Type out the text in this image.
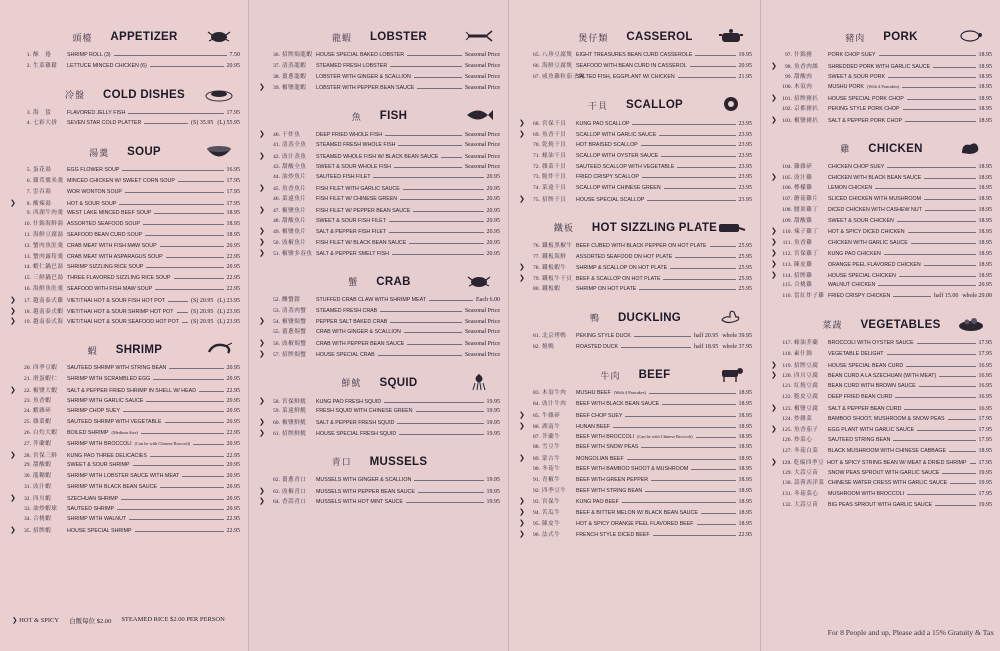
頭檯 APPETIZER
1. 酥　捲	SHRIMP ROLL (3)	7.50
2. 生菜雞鬆	LETTUCE MINCED CHICKEN (6)	20.95
冷盤 COLD DISHES
3. 海　蜇	FLAVORED JELLY FISH	17.95
4. 七彩大拼	SEVEN STAR COLD PLATTER	(S) 35.95 (L) 55.95
湯羹 SOUP
5. 蛋花湯	EGG FLOWER SOUP	16.95
6. 雞茸粟米羹 MINCED CHICKEN W/ SWEET CORN SOUP	17.95
7. 雲吞湯	WOR WONTON SOUP	17.95
❯	8. 酸辣湯	HOT & SOUR SOUP	17.95
9. 西湖牛肉羹 WEST LAKE MINCED BEEF SOUP	18.95
10. 什錦海鮮湯 ASSORTED SEAFOOD SOUP	18.95
11. 海鮮豆腐湯 SEAFOOD BEAN CURD SOUP	18.95
12. 蟹肉魚肚羹 CRAB MEAT WITH FISH MAW SOUP	20.95
13. 蟹肉露筍羹 CRAB MEAT WITH ASPARAGUS SOUP	22.95
14. 蝦仁鍋巴湯 SHRIMP SIZZLING RICE SOUP	20.95
15. 三鮮鍋巴湯 THREE FLAVORED SIZZLING RICE SOUP	22.95
16. 海鮮魚肚羹 SEAFOOD WITH FISH MAW SOUP	22.95
❯	17. 越南泰式雞 VIET/THAI HOT & SOUR FISH HOT POT	(S) 20.95 (L) 23.95
❯	18. 越南泰式蝦 VIET/THAI HOT & SOUR SHRIMP HOT POT	(S) 20.95 (L) 23.95
❯	19. 越南泰式海 VIET/THAI HOT & SOUR SEAFOOD HOT POT (S) 20.95 (L) 23.95
蝦 SHRIMP
20. 四季豆蝦	SAUTEED SHRIMP WITH STRING BEAN	20.95
21. 滑蛋蝦仁	SHRIMP WITH SCRAMBLED EGG	20.95
❯	22. 椒鹽大蝦	SALT & PEPPER FRIED SHRIMP IN SHELL W/ HEAD	22.95
23. 魚香蝦	SHRIMP WITH GARLIC SAUCE	20.95
24. 蝦雜碎	SHRIMP CHOP SUEY	20.95
25. 雜菜蝦	SAUTEED SHRIMP WITH VEGETABLE	20.95
26. 白灼大蝦	BOILED SHRIMP (Medium Size)	22.95
27. 芥蘭蝦	SHRIMP WITH BROCCOLI (Can be with Chinese Broccoli)	20.95
❯	28. 宮保三鮮	KUNG PAO THREE DELICACIES	22.95
29. 甜酸蝦	SWEET & SOUR SHRIMP	20.95
30. 龍糊蝦	SHRIMP WITH LOBSTER SAUCE WITH MEAT	20.95
31. 豉汁蝦	SHRIMP WITH BLACK BEAN SAUCE	20.95
❯	32. 四川蝦	SZECHUAN SHRIMP	20.95
33. 油炒蝦球	SAUTEED SHRIMP	20.95
34. 合桃蝦	SHRIMP WITH WALNUT	22.95
❯	35. 招牌蝦	HOUSE SPECIAL SHRIMP	22.95
龍蝦 LOBSTER
36. 招牌焗龍蝦 HOUSE SPECIAL BAKED LOBSTER	Seasonal Price
37. 清蒸龍蝦	STEAMED FRESH LOBSTER	Seasonal Price
38. 薑蔥龍蝦	LOBSTER WITH GINGER & SCALLION	Seasonal Price
❯	39. 椒鹽龍蝦	LOBSTER WITH PEPPER BEAN SAUCE	Seasonal Price
魚 FISH
❯	40. 干炸魚	DEEP FRIED WHOLE FISH	Seasonal Price
41. 清蒸全魚	STEAMED FRESH WHOLE FISH	Seasonal Price
❯	42. 豉汁蒸魚	STEAMED WHOLE FISH W/ BLACK BEAN SAUCE	Seasonal Price
43. 甜酸全魚	SWEET & SOUR WHOLE FISH	Seasonal Price
44. 油炒魚片	SAUTEED FISH FILET	20.95
❯	45. 魚香魚片	FISH FILET WITH GARLIC SAUCE	20.95
46. 菜遠魚片	FISH FILET W/ CHINESE GREEN	20.95
❯	47. 椒鹽魚片	FISH FILET W/ PEPPER BEAN SAUCE	20.95
48. 甜酸魚片	SWEET & SOUR FISH FILET	20.95
❯	49. 椒鹽魚片	SALT & PEPPER FISH FILET	20.95
❯	50. 豉椒魚片	FISH FILET W/ BLACK BEAN SAUCE	20.95
❯	51. 椒鹽多春魚 SALT & PEPPER SMELT FISH	20.95
蟹 CRAB
52. 釀蟹鉗	STUFFED CRAB CLAW WITH SHRIMP MEAT	Each 6.00
53. 清蒸肉蟹	STEAMED FRESH CRAB	Seasonal Price
❯	54. 椒鹽焗蟹	PEPPER SALT BAKED CRAB	Seasonal Price
55. 薑蔥焗蟹	CRAB WITH GINGER & SCALLION	Seasonal Price
❯	56. 豉椒焗蟹	CRAB WITH PEPPER BEAN SAUCE	Seasonal Price
❯	57. 招牌焗蟹	HOUSE SPECIAL CRAB	Seasonal Price
鮮魷 SQUID
❯	58. 宮保鮮魷	KUNG PAO FRESH SQUID	19.95
59. 菜遠鮮魷	FRESH SQUID WITH CHINESE GREEN	19.95
❯	60. 椒鹽鮮魷	SALT & PEPPER FRESH SQUID	19.95
❯	61. 招牌鮮魷	HOUSE SPECIAL FRESH SQUID	19.95
青口 MUSSELS
62. 薑蔥青口	MUSSELS WITH GINGER & SCALLION	19.95
❯	63. 豉椒青口	MUSSELS WITH PEPPER BEAN SAUCE	19.95
❯	64. 香蒜青口	MUSSELS WITH HOT MINT SAUCE	19.95
煲仔類 CASSEROL
65. 八珍豆腐煲 EIGHT TREASURES BEAN CURD CASSEROLE	19.95
66. 海鮮豆腐煲 SEAFOOD WITH BEAN CURD IN CASSEROL	20.95
67. 咸魚雞粒茄子煲
SALTED FISH, EGGPLANT W/ CHICKEN	21.95
干貝 SCALLOP
❯	68. 宮保干貝	KUNG PAO SCALLOP	23.95
❯	69. 魚香干貝	SCALLOP WITH GARLIC SAUCE	23.95
70. 乾燒干貝	HOT BRAISED SCALLOP	23.95
71. 蠔油干貝	SCALLOP WITH OYSTER SAUCE	23.95
72. 雜菜干貝	SAUTEED SCALLOP WITH VEGETABLE	23.95
73. 脆炸干貝	FRIED CRISPY SCALLOP	23.95
74. 菜遠干貝	SCALLOP WITH CHINESE GREEN	23.95
❯	75. 招牌干貝	HOUSE SPECIAL SCALLOP	23.95
鐵板 HOT SIZZLING PLATE
76. 鐵板黑椒牛 BEEF CUBED WITH BLACK PEPPER ON HOT PLATE	25.95
77. 鐵板海鮮	ASSORTED SEAFOOD ON HOT PLATE	25.95
❯	78. 鐵板蝦牛	SHRIMP & SCALLOP ON HOT PLATE	25.95
❯	79. 鐵板牛干貝 BEEF & SCALLOP ON HOT PLATE	25.95
80. 鐵板蝦	SHRIMP ON HOT PLATE	25.95
鴨 DUCKLING
81. 北京烤鴨	PEKING STYLE DUCK	half 20.95 whole 39.95
82. 燒鴨	ROASTED DUCK	half 18.95 whole 37.95
牛肉 BEEF
83. 木須牛肉	MUSHU BEEF (With 4 Pancakes)	18.95
84. 豉汁牛肉	BEEF WITH BLACK BEAN SAUCE	18.95
❯	85. 牛雜碎	BEEF CHOP SUEY	18.95
❯	86. 湖南牛	HUNAN BEEF	18.95
87. 芥蘭牛	BEEF WITH BROCCOLI (Can be with Chinese Broccoli)	18.95
88. 雪豆牛	BEEF WITH SNOW PEAS	18.95
❯	89. 蒙古牛	MONGOLIAN BEEF	18.95
90. 冬菇牛	BEEF WITH BAMBOO SHOOT & MUSHROOM	18.95
91. 青椒牛	BEEF WITH GREEN PEPPER	18.95
92. 四季豆牛	BEEF WITH STRING BEAN	18.95
❯	93. 宮保牛	KUNG PAO BEEF	18.95
❯	94. 苦瓜牛	BEEF & BITTER MELON W/ BLACK BEAN SAUCE	18.95
❯	95. 陳皮牛	HOT & SPICY ORANGE PEEL FLAVORED BEEF	18.95
❯	96. 法式牛	FRENCH STYLE DICED BEEF	22.95
豬肉 PORK
97. 什錦豬	PORK CHOP SUEY	18.95
❯	98. 魚香肉絲	SHREDDED PORK WITH GARLIC SAUCE	18.95
99. 甜酸肉	SWEET & SOUR PORK	18.95
100. 木須肉	MUSHU PORK (With 4 Pancakes)	18.95
❯ 101. 招牌豬扒	HOUSE SPECIAL PORK CHOP	18.95
102. 京都豬扒	PEKING STYLE PORK CHOP	18.95
❯ 103. 椒鹽豬扒	SALT & PEPPER PORK CHOP	18.95
雞 CHICKEN
104. 雞雜碎	CHICKEN CHOP SUEY	18.95
❯ 105. 豉汁雞	CHICKEN WITH BLACK BEAN SAUCE	18.95
106. 檸檬雞	LEMON CHICKEN	18.95
107. 蘑菇雞片	SLICED CHICKEN WITH MUSHROOM	18.95
108. 腰果雞丁	DICED CHICKEN WITH CASHEW NUT	18.95
109. 甜酸雞	SWEET & SOUR CHICKEN	18.95
❯ 110. 辣子雞丁	HOT & SPICY DICED CHICKEN	18.95
❯	111. 魚香雞	CHICKEN WITH GARLIC SAUCE	18.95
❯ 112. 宮保雞丁	KUNG PAO CHICKEN	18.95
❯ 113. 陳皮雞	ORANGE PEEL FLAVORED CHICKEN	18.95
❯ 114. 招牌雞	HOUSE SPECIAL CHICKEN	18.95
115. 合桃雞	WALNUT CHICKEN	20.95
116. 當紅炸子雞 FRIED CRISPY CHICKEN	half 15.00 whole 29.00
菜蔬 VEGETABLES
117. 蠔油芥蘭	BROCCOLI WITH OYSTER SAUCE	17.95
118. 素什錦	VEGETABLE DELIGHT	17.95
❯ 119. 招牌豆腐	HOUSE SPECIAL BEAN CURD	16.95
❯ 120. 四川豆腐	BEAN CURD A LA SZECHUAN (WITH MEAT)	16.95
121. 紅燒豆腐	BEAN CURD WITH BROWN SAUCE	16.95
122. 脆皮豆腐	DEEP FRIED BEAN CURD	16.95
❯ 123. 椒鹽豆腐	SALT & PEPPER BEAN CURD	16.95
124. 炒雜菜	BAMBOO SHOOT, MUSHROOM & SNOW PEAS	17.95
❯ 125. 魚香茄子	EGG PLANT WITH GARLIC SAUCE	17.95
126. 炒菜心	SAUTEED STRING BEAN	17.95
127. 冬菇白菜	BLACK MUSHROOM WITH CHINESE CABBAGE	18.95
❯ 128. 乾煸四季豆 HOT & SPICY STRING BEAN W/ MEAT & DRIED SHRIMP 17.95
129. 大蒜豆苗	SNOW PEAS SPROUT WITH GARLIC SAUCE	19.95
130. 蒜蓉西洋菜 CHINESE WATER CRESS WITH GARLIC SAUCE	19.95
131. 冬菇菜心	MUSHROOM WITH BROCCOLI	17.95
132. 大蒜豆苗	BIG PEAS SPROUT WITH GARLIC SAUCE	19.95
❯ HOT & SPICY 白飯每位 $2.00 STEAMED RICE $2.00 PER PERSON
For 8 People and up, Please add a 15% Gratuity & Tax
